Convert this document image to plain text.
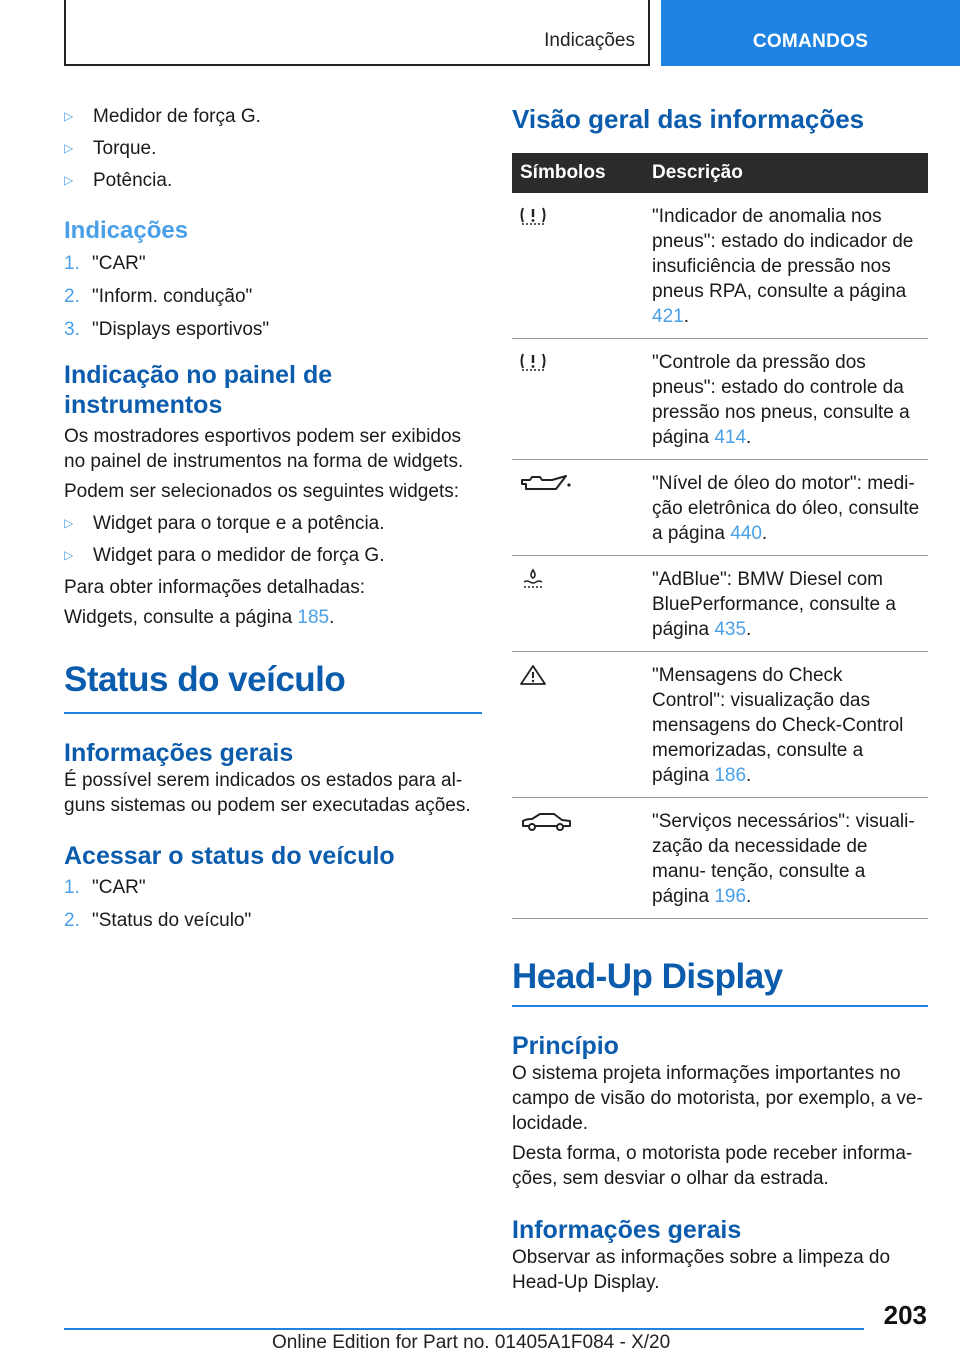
Indicações	COMANDOS
▷ Medidor de força G.
▷ Torque.
▷ Potência.
Indicações
1. "CAR"
2. "Inform. condução"
3. "Displays esportivos"
Indicação no painel de instrumentos
Os mostradores esportivos podem ser exibidos no painel de instrumentos na forma de widgets.
Podem ser selecionados os seguintes widgets:
▷ Widget para o torque e a potência.
▷ Widget para o medidor de força G.
Para obter informações detalhadas:
Widgets, consulte a página 185.
Status do veículo
Informações gerais
É possível serem indicados os estados para al- guns sistemas ou podem ser executadas ações.
Acessar o status do veículo
1. "CAR"
2. "Status do veículo"
Visão geral das informações
Símbolos	Descrição

	"Indicador de anomalia nos pneus": estado do indicador de insuficiência de pressão nos pneus RPA, consulte a página 421.

	"Controle da pressão dos pneus": estado do controle da pressão nos pneus, consulte a página 414.

	"Nível de óleo do motor": medi- ção eletrônica do óleo, consulte a página 440.

	"AdBlue": BMW Diesel com BluePerformance, consulte a página 435.

	"Mensagens do Check Control": visualização das mensagens do Check-Control memorizadas, consulte a página 186.

	"Serviços necessários": visuali- zação da necessidade de manu- tenção, consulte a página 196.
Head-Up Display
Princípio
O sistema projeta informações importantes no campo de visão do motorista, por exemplo, a ve- locidade.
Desta forma, o motorista pode receber informa- ções, sem desviar o olhar da estrada.
Informações gerais
Observar as informações sobre a limpeza do Head-Up Display.
203
Online Edition for Part no. 01405A1F084 - X/20
